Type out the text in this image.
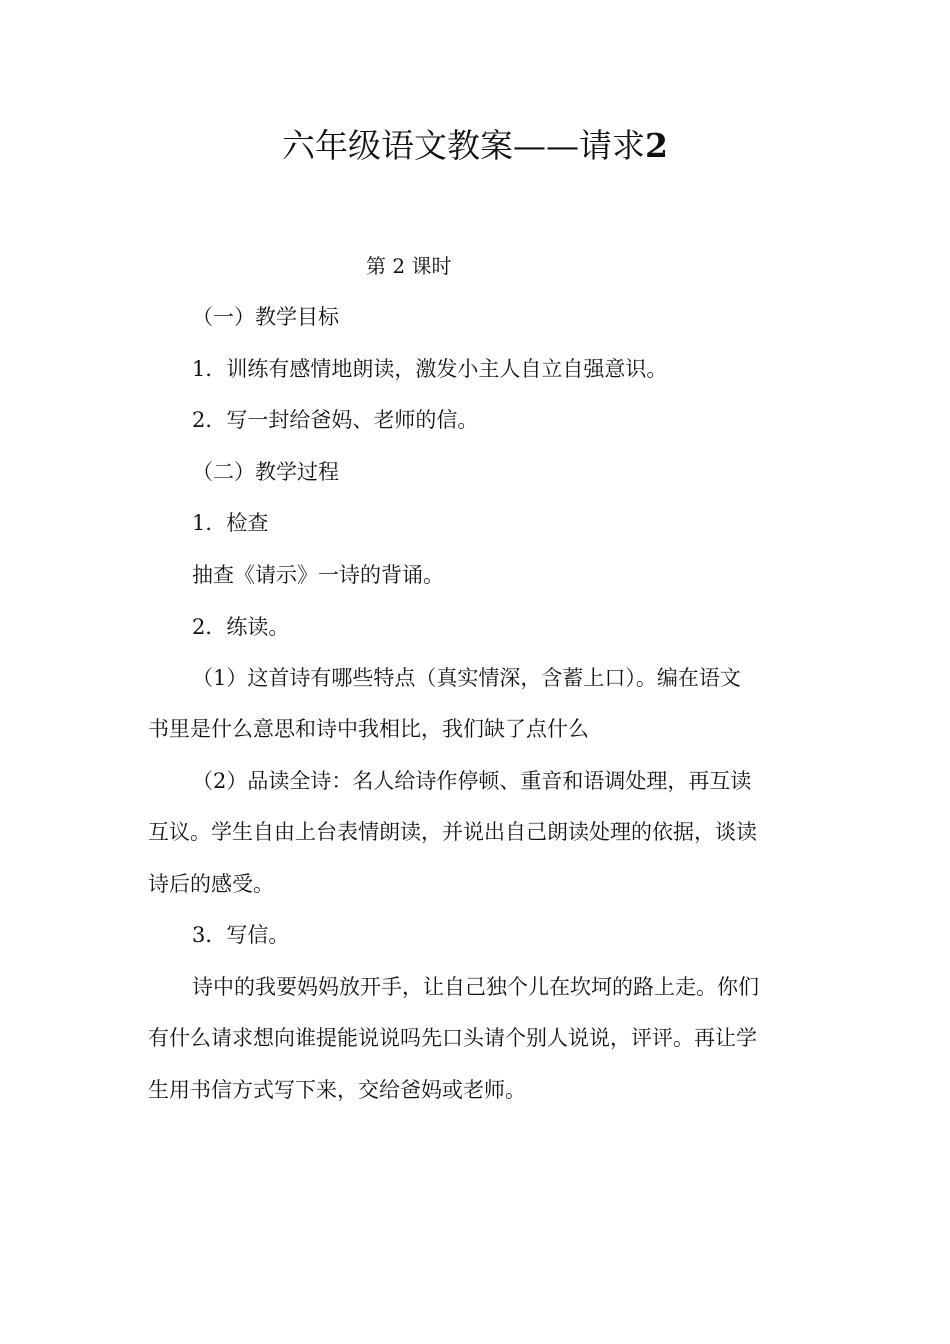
六年级语文教案——请求2
第 2 课时
（一）教学目标
1．训练有感情地朗读，激发小主人自立自强意识。
2．写一封给爸妈、老师的信。
（二）教学过程
1．检查
抽查《请示》一诗的背诵。
2．练读。
（1）这首诗有哪些特点（真实情深，含蓄上口）。编在语文
书里是什么意思和诗中我相比，我们缺了点什么
（2）品读全诗：名人给诗作停顿、重音和语调处理，再互读
互议。学生自由上台表情朗读，并说出自己朗读处理的依据，谈读
诗后的感受。
3．写信。
诗中的我要妈妈放开手，让自己独个儿在坎坷的路上走。你们
有什么请求想向谁提能说说吗先口头请个别人说说，评评。再让学
生用书信方式写下来，交给爸妈或老师。
